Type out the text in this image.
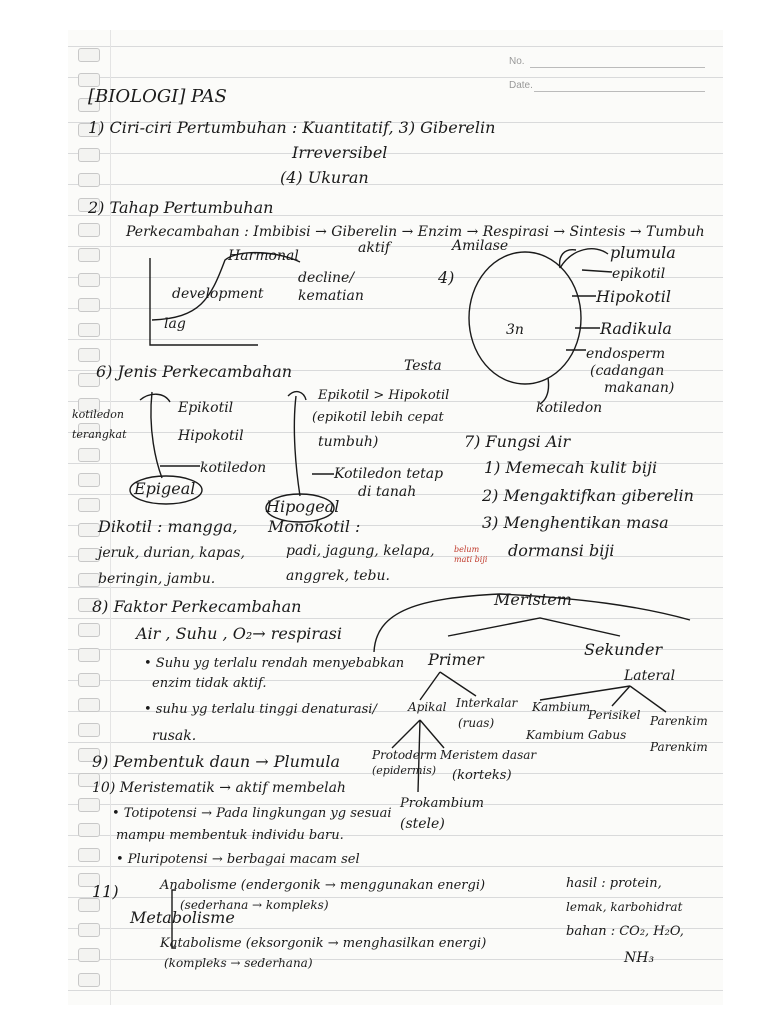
No.
Date.
[BIOLOGI] PAS
1) Ciri-ciri Pertumbuhan : Kuantitatif, 3) Giberelin
Irreversibel
(4) Ukuran
2) Tahap Pertumbuhan
Perkecambahan : Imbibisi → Giberelin → Enzim → Respirasi → Sintesis → Tumbuh
aktif	Amilase
Harmonal
development
decline/
kematian
lag
4)
plumula
epikotil
Hipokotil
Radikula
endosperm
(cadangan
makanan)
Testa
kotiledon
3n
6) Jenis Perkecambahan
kotiledon
terangkat
Epikotil
Hipokotil
kotiledon
Epigeal
Hipogeal
Epikotil > Hipokotil
(epikotil lebih cepat
tumbuh)
Kotiledon tetap
di tanah
7) Fungsi Air
1) Memecah kulit biji
2) Mengaktifkan giberelin
3) Menghentikan masa
dormansi biji
belum
mati biji
Dikotil : mangga, Monokotil :
jeruk, durian, kapas,	padi, jagung, kelapa,
beringin, jambu.	anggrek, tebu.
8) Faktor Perkecambahan
Air , Suhu , O₂→ respirasi
• Suhu yg terlalu rendah menyebabkan
enzim tidak aktif.
• suhu yg terlalu tinggi denaturasi/
rusak.
Meristem
Primer
Sekunder
Lateral
Apikal Interkalar
(ruas)
Kambium
Kambium Gabus
Perisikel Parenkim
Parenkim
Protoderm
(epidermis)
Meristem dasar
(korteks)
Prokambium
(stele)
9) Pembentuk daun → Plumula
10) Meristematik → aktif membelah
• Totipotensi → Pada lingkungan yg sesuai
mampu membentuk individu baru.
• Pluripotensi → berbagai macam sel
11)	Anabolisme (endergonik → menggunakan energi)
(sederhana → kompleks)
Metabolisme
Katabolisme (eksorgonik → menghasilkan energi)
(kompleks → sederhana)
hasil : protein,
lemak, karbohidrat
bahan : CO₂, H₂O,
NH₃
